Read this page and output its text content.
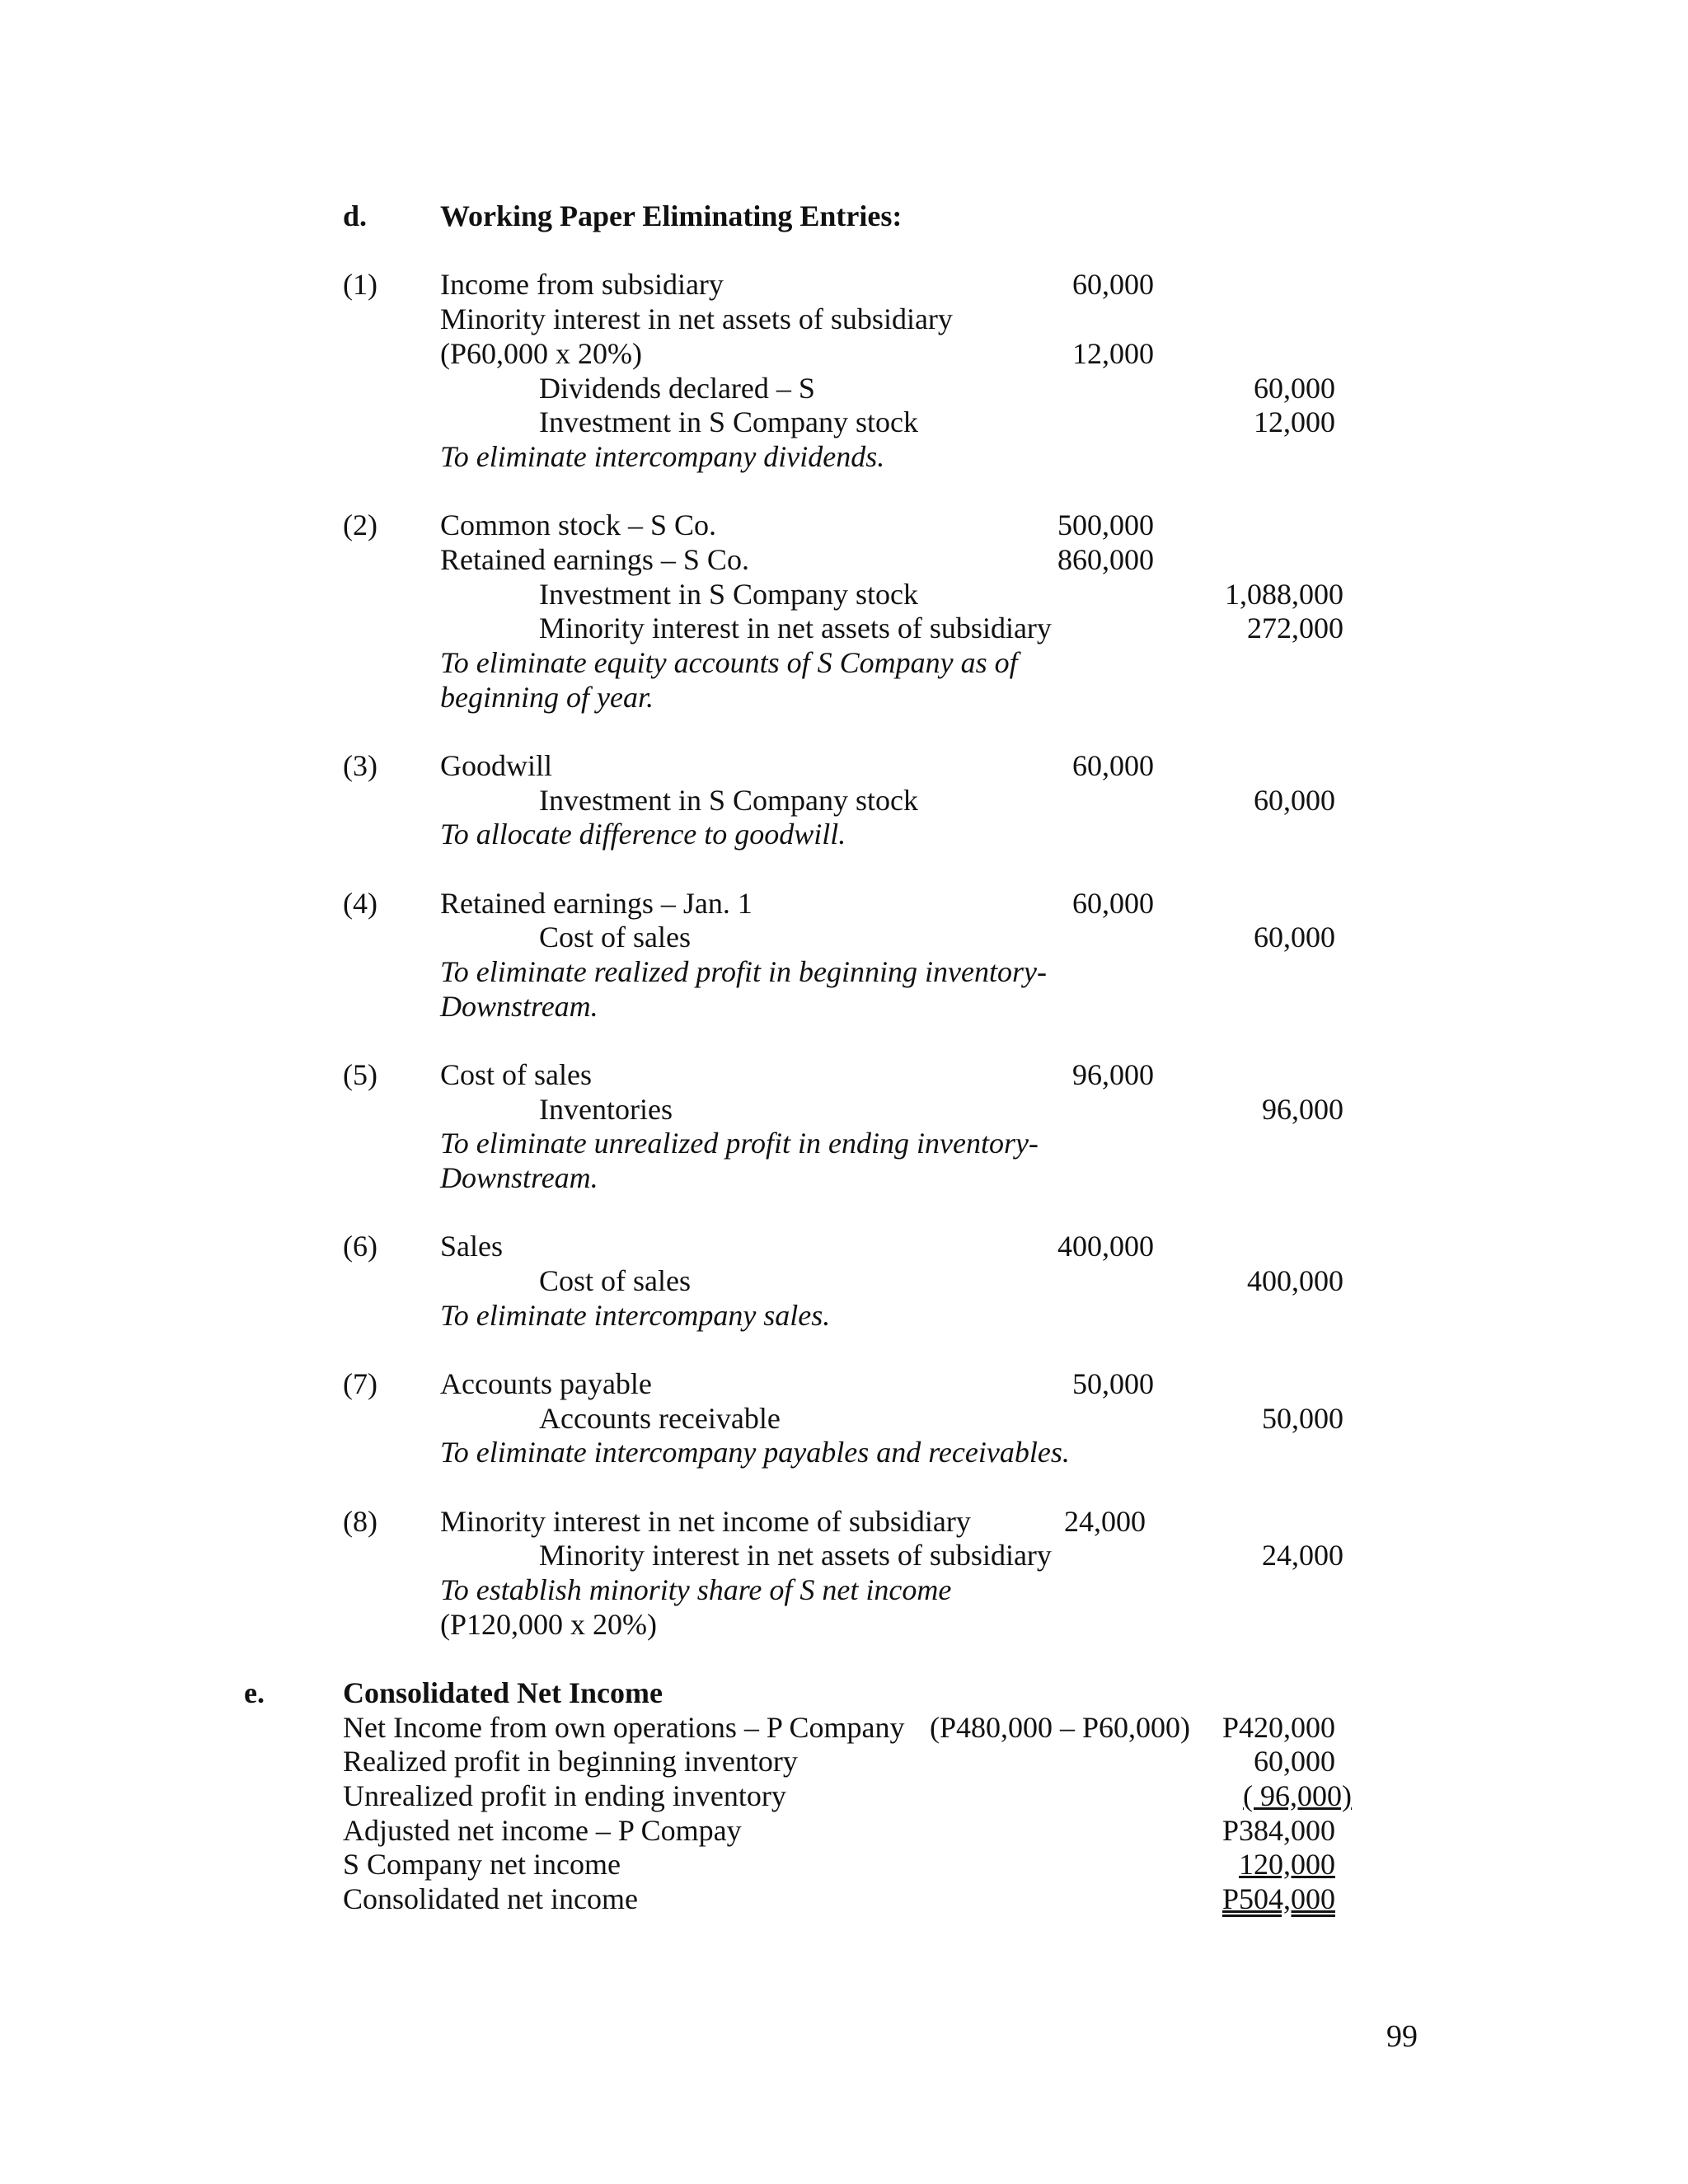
d. Working Paper Eliminating Entries:
(1) Income from subsidiary	60,000
Minority interest in net assets of subsidiary
(P60,000 x 20%)	12,000
Dividends declared – S	60,000
Investment in S Company stock	12,000
To eliminate intercompany dividends.
(2) Common stock – S Co.	500,000
Retained earnings – S Co.	860,000
Investment in S Company stock	1,088,000
Minority interest in net assets of subsidiary	272,000
To eliminate equity accounts of S Company as of
beginning of year.
(3) Goodwill	60,000
Investment in S Company stock	60,000
To allocate difference to goodwill.
(4) Retained earnings – Jan. 1	60,000
Cost of sales	60,000
To eliminate realized profit in beginning inventory-
Downstream.
(5) Cost of sales	96,000
Inventories	96,000
To eliminate unrealized profit in ending inventory-
Downstream.
(6) Sales	400,000
Cost of sales	400,000
To eliminate intercompany sales.
(7) Accounts payable	50,000
Accounts receivable	50,000
To eliminate intercompany payables and receivables.
(8) Minority interest in net income of subsidiary	24,000
Minority interest in net assets of subsidiary	24,000
To establish minority share of S net income
(P120,000 x 20%)
e.	Consolidated Net Income
Net Income from own operations – P Company (P480,000 – P60,000)	P420,000
Realized profit in beginning inventory	60,000
Unrealized profit in ending inventory	( 96,000)
Adjusted net income – P Compay	P384,000
S Company net income	120,000
Consolidated net income	P504,000
99
